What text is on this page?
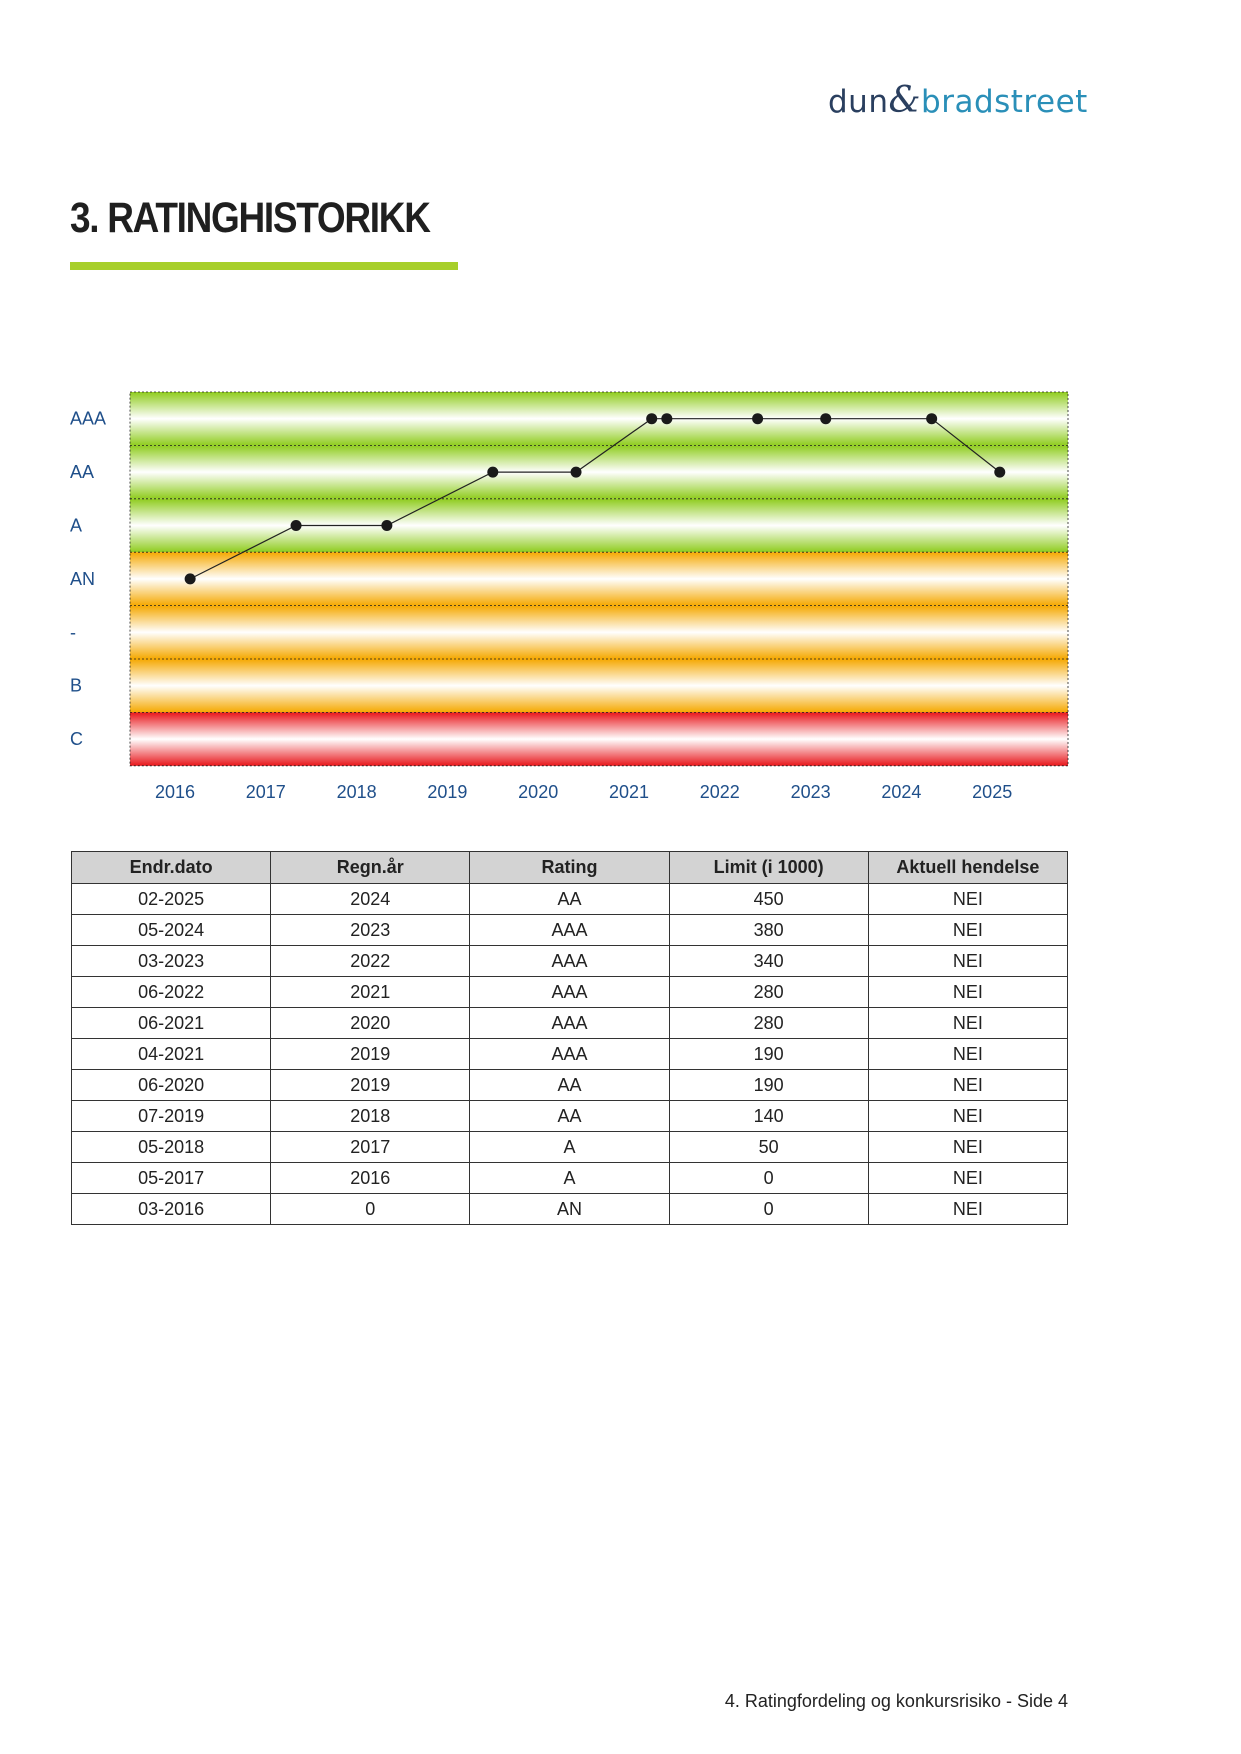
dun&bradstreet
3. RATINGHISTORIKK
AAA
AA
A
AN
-
B
C
2016	2017	2018	2019	2020	2021	2022	2023	2024	2025
Endr.dato	Regn.år	Rating	Limit (i 1000)	Aktuell hendelse
02-2025	2024	AA	450	NEI
05-2024	2023	AAA	380	NEI
03-2023	2022	AAA	340	NEI
06-2022	2021	AAA	280	NEI
06-2021	2020	AAA	280	NEI
04-2021	2019	AAA	190	NEI
06-2020	2019	AA	190	NEI
07-2019	2018	AA	140	NEI
05-2018	2017	A	50	NEI
05-2017	2016	A	0	NEI
03-2016	0	AN	0	NEI
4. Ratingfordeling og konkursrisiko - Side 4
